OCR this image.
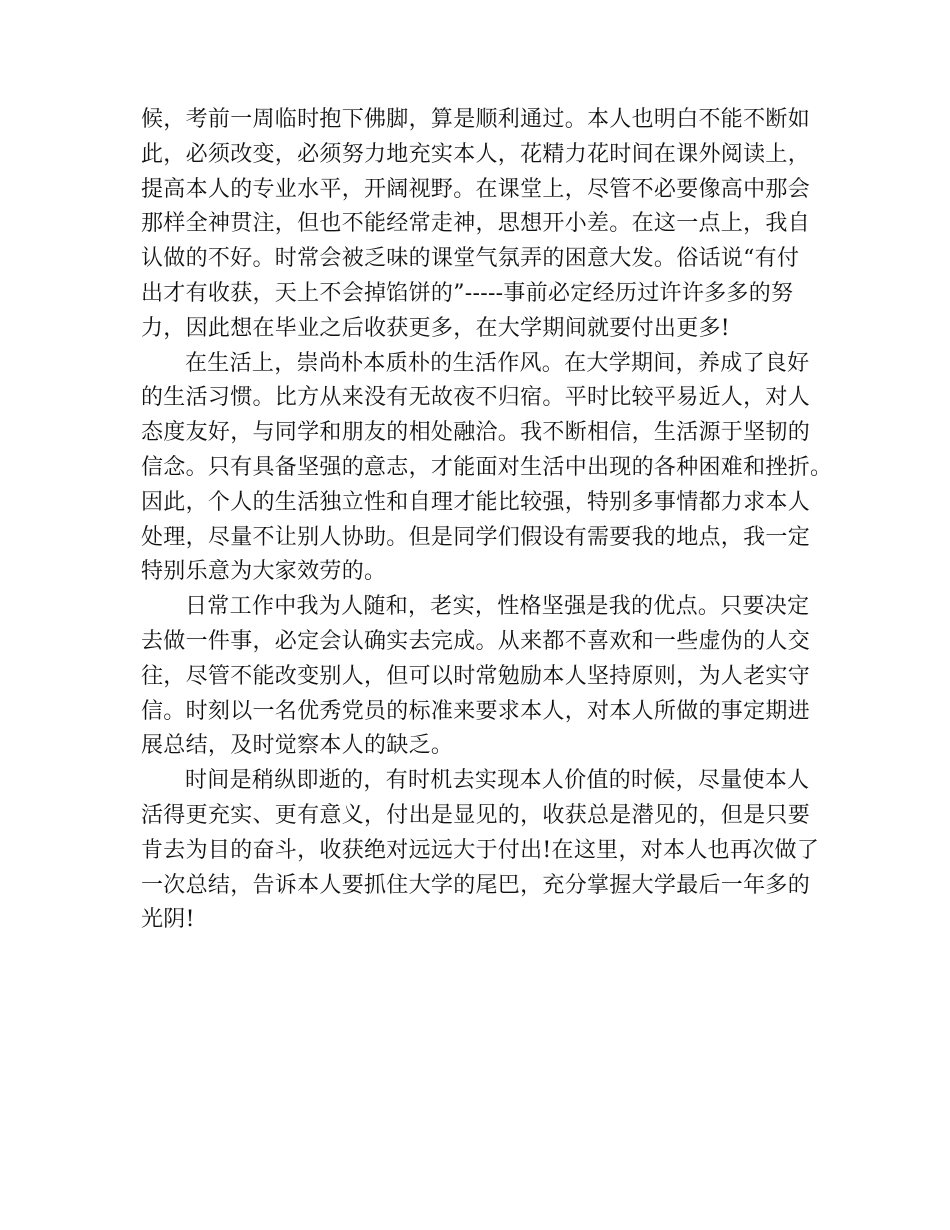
候，考前一周临时抱下佛脚，算是顺利通过。本人也明白不能不断如
此，必须改变，必须努力地充实本人，花精力花时间在课外阅读上，
提高本人的专业水平，开阔视野。在课堂上，尽管不必要像高中那会
那样全神贯注，但也不能经常走神，思想开小差。在这一点上，我自
认做的不好。时常会被乏味的课堂气氛弄的困意大发。俗话说“有付
出才有收获，天上不会掉馅饼的”-----事前必定经历过许许多多的努
力，因此想在毕业之后收获更多，在大学期间就要付出更多!

在生活上，崇尚朴本质朴的生活作风。在大学期间，养成了良好
的生活习惯。比方从来没有无故夜不归宿。平时比较平易近人，对人
态度友好，与同学和朋友的相处融洽。我不断相信，生活源于坚韧的
信念。只有具备坚强的意志，才能面对生活中出现的各种困难和挫折。
因此，个人的生活独立性和自理才能比较强，特别多事情都力求本人
处理，尽量不让别人协助。但是同学们假设有需要我的地点，我一定
特别乐意为大家效劳的。

日常工作中我为人随和，老实，性格坚强是我的优点。只要决定
去做一件事，必定会认确实去完成。从来都不喜欢和一些虚伪的人交
往，尽管不能改变别人，但可以时常勉励本人坚持原则，为人老实守
信。时刻以一名优秀党员的标准来要求本人，对本人所做的事定期进
展总结，及时觉察本人的缺乏。

时间是稍纵即逝的，有时机去实现本人价值的时候，尽量使本人
活得更充实、更有意义，付出是显见的，收获总是潜见的，但是只要
肯去为目的奋斗，收获绝对远远大于付出!在这里，对本人也再次做了
一次总结，告诉本人要抓住大学的尾巴，充分掌握大学最后一年多的
光阴!
